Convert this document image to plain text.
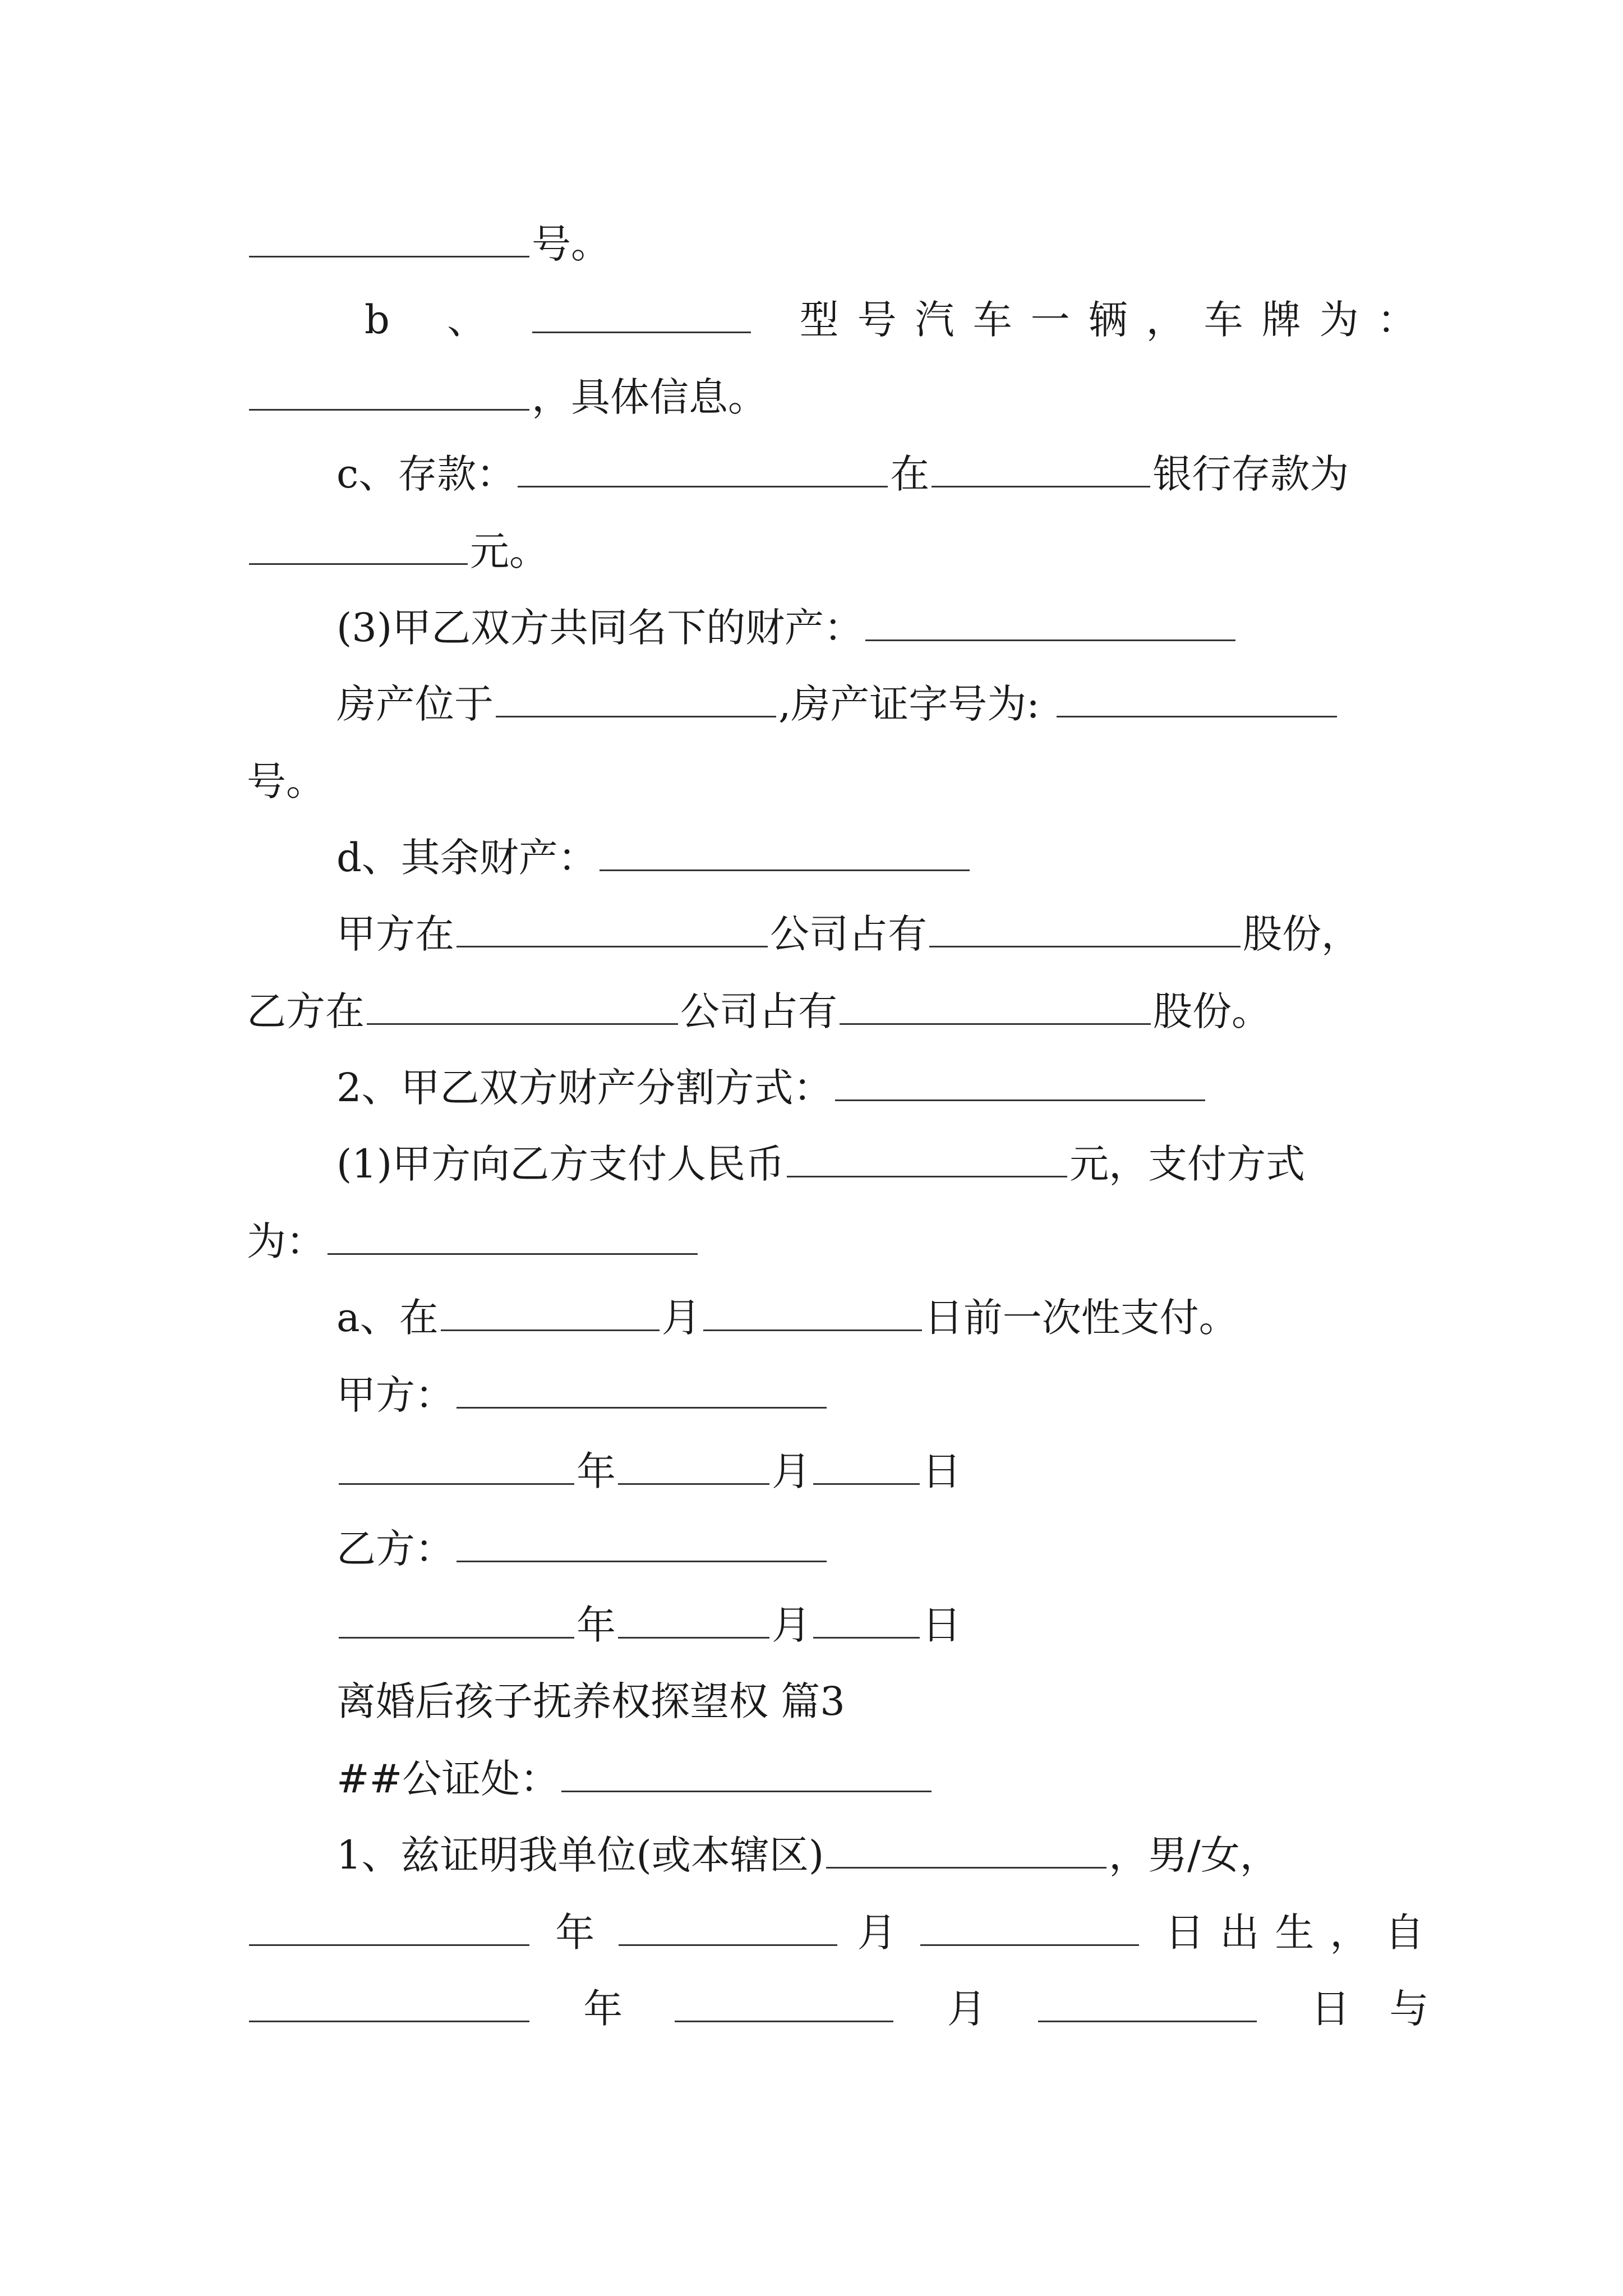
号。
b 、	型号汽车一辆，车牌为：
，具体信息。
c、存款：	在	银行存款为
元。
(3)甲乙双方共同名下的财产：
房产位于	,房产证字号为:
号。
d、其余财产：
甲方在	公司占有	股份，
乙方在	公司占有	股份。
2、甲乙双方财产分割方式：
(1)甲方向乙方支付人民币	元，支付方式
为：
a、在	月	日前一次性支付。
甲方：
年	月	日
乙方：
年	月	日
离婚后孩子抚养权探望权 篇3
##公证处：
1、兹证明我单位(或本辖区)	，男/女，
年	月	日出生，自
年	月	日与
